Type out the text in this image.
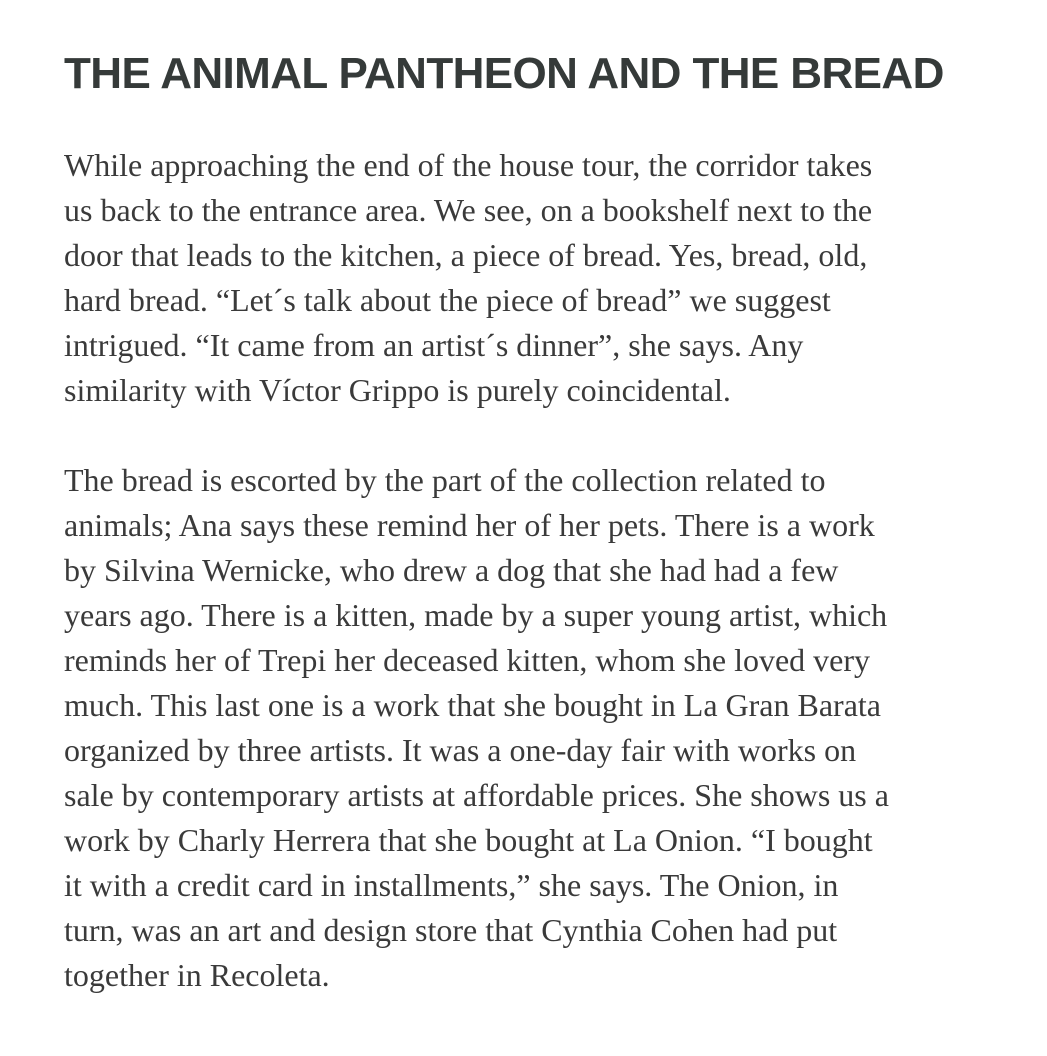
THE ANIMAL PANTHEON AND THE BREAD

While approaching the end of the house tour, the corridor takes
us back to the entrance area. We see, on a bookshelf next to the
door that leads to the kitchen, a piece of bread. Yes, bread, old,
hard bread. “Let´s talk about the piece of bread” we suggest
intrigued. “It came from an artist´s dinner”, she says. Any
similarity with Víctor Grippo is purely coincidental.

The bread is escorted by the part of the collection related to
animals; Ana says these remind her of her pets. There is a work
by Silvina Wernicke, who drew a dog that she had had a few
years ago. There is a kitten, made by a super young artist, which
reminds her of Trepi her deceased kitten, whom she loved very
much. This last one is a work that she bought in La Gran Barata
organized by three artists. It was a one-day fair with works on
sale by contemporary artists at affordable prices. She shows us a
work by Charly Herrera that she bought at La Onion. “I bought
it with a credit card in installments,” she says. The Onion, in
turn, was an art and design store that Cynthia Cohen had put
together in Recoleta.
